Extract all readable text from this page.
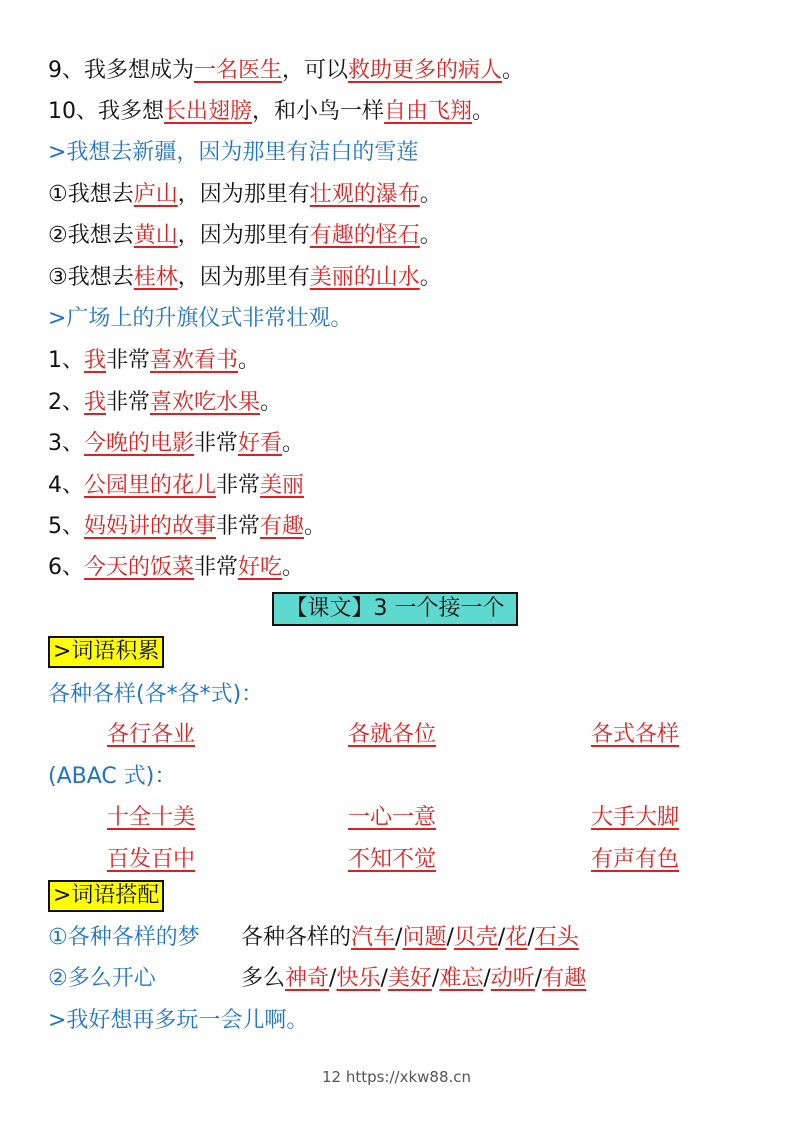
9、我多想成为一名医生，可以救助更多的病人。
10、我多想长出翅膀，和小鸟一样自由飞翔。
>我想去新疆，因为那里有洁白的雪莲
①我想去庐山，因为那里有壮观的瀑布。
②我想去黄山，因为那里有有趣的怪石。
③我想去桂林，因为那里有美丽的山水。
>广场上的升旗仪式非常壮观。
1、我非常喜欢看书。
2、我非常喜欢吃水果。
3、今晚的电影非常好看。
4、公园里的花儿非常美丽
5、妈妈讲的故事非常有趣。
6、今天的饭菜非常好吃。
【课文】3 一个接一个
>词语积累
各种各样(各*各*式)：
各行各业	各就各位	各式各样
(ABAC 式)：
十全十美	一心一意	大手大脚
百发百中	不知不觉	有声有色
>词语搭配
①各种各样的梦 各种各样的汽车/问题/贝壳/花/石头
②多么开心	多么神奇/快乐/美好/难忘/动听/有趣
>我好想再多玩一会儿啊。
12 https://xkw88.cn
